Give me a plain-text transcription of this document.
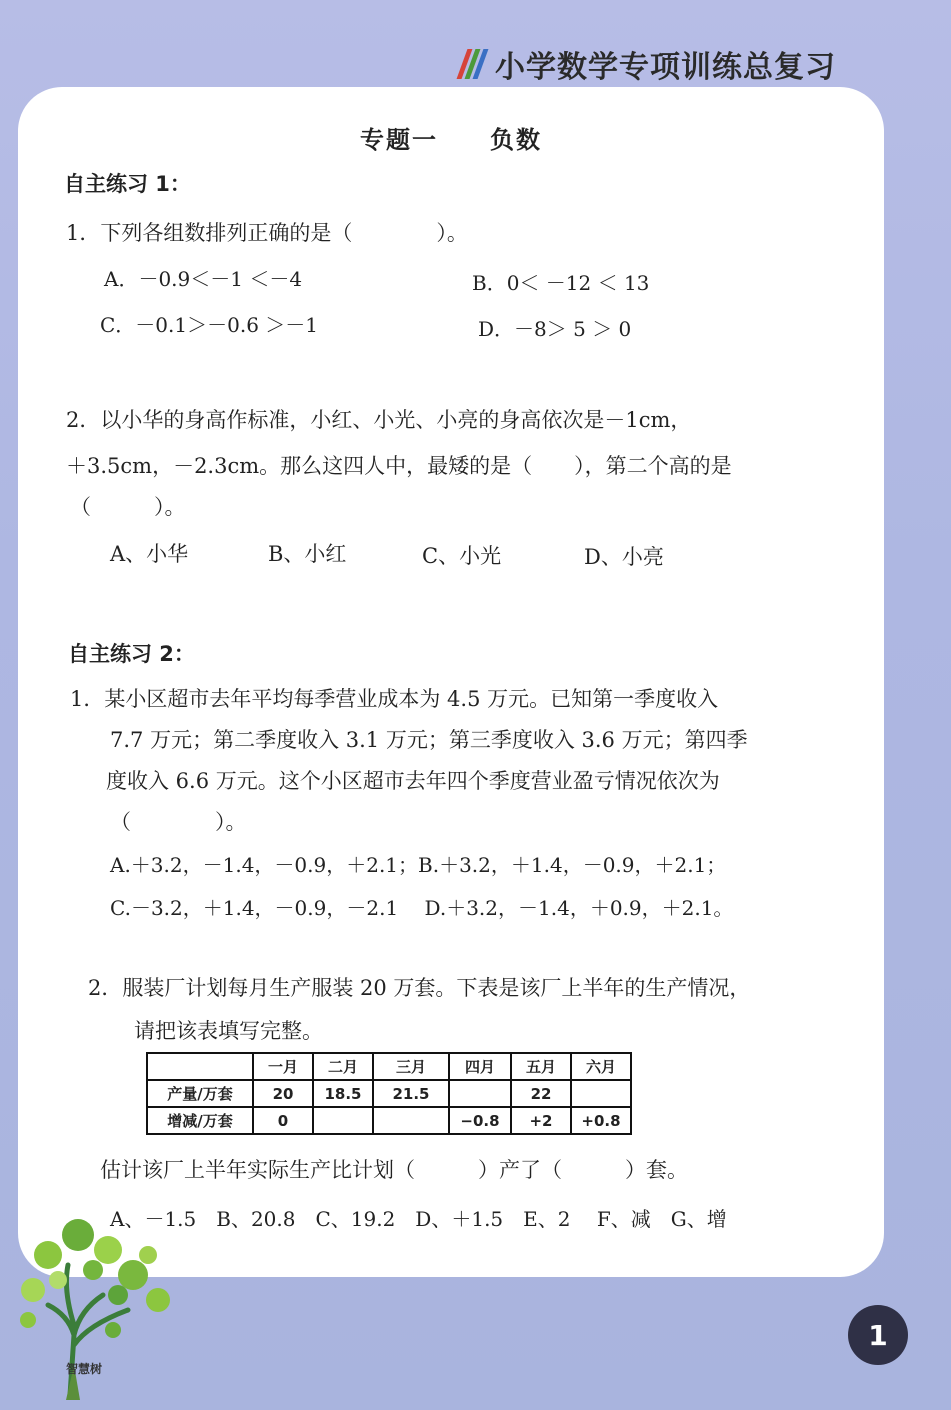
小学数学专项训练总复习
专题一　　负数
自主练习 1：
1．下列各组数排列正确的是（　　　　）。
A．－0.9＜－1 ＜－4	B．0＜ －12 ＜ 13
C．－0.1＞－0.6 ＞－1	D．－8＞ 5 ＞ 0
2．以小华的身高作标准，小红、小光、小亮的身高依次是－1cm，
＋3.5cm，－2.3cm。那么这四人中，最矮的是（　　），第二个高的是
（　　　）。
A、小华	B、小红	C、小光	D、小亮
自主练习 2：
1．某小区超市去年平均每季营业成本为 4.5 万元。已知第一季度收入
7.7 万元；第二季度收入 3.1 万元；第三季度收入 3.6 万元；第四季
度收入 6.6 万元。这个小区超市去年四个季度营业盈亏情况依次为
（　　　　）。
A.＋3.2，－1.4，－0.9，＋2.1；B.＋3.2，＋1.4，－0.9，＋2.1；
C.－3.2，＋1.4，－0.9，－2.1　 D.＋3.2，－1.4，＋0.9，＋2.1。
2．服装厂计划每月生产服装 20 万套。下表是该厂上半年的生产情况，
请把该表填写完整。
	一月	二月	三月	四月	五月	六月
产量/万套	20	18.5	21.5		22	
增减/万套	0			−0.8	+2	+0.8
估计该厂上半年实际生产比计划（　　　）产了（　　　）套。
A、－1.5　B、20.8　C、19.2　D、＋1.5　E、2　 F、减　G、增
智慧树
1
